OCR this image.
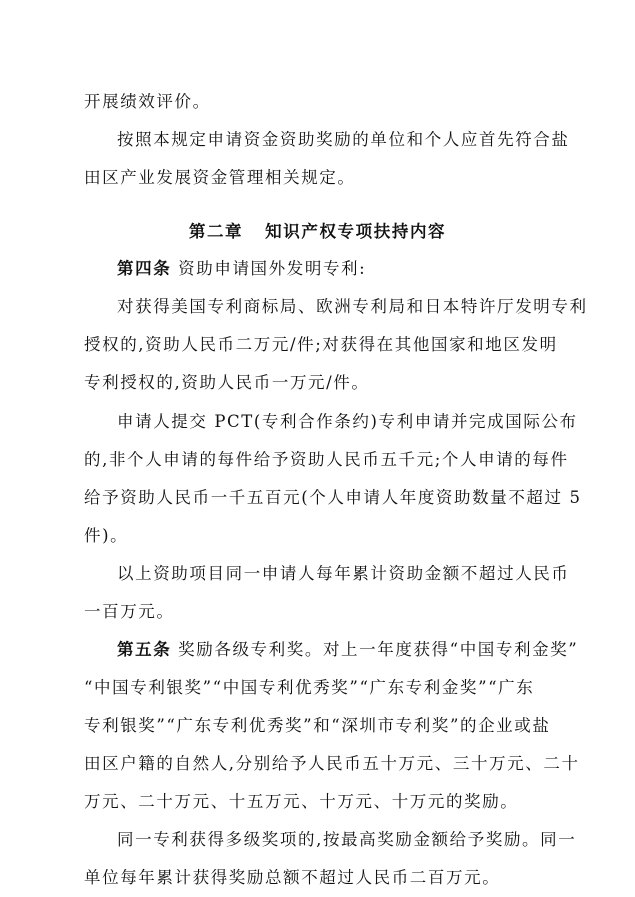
开展绩效评价。
按照本规定申请资金资助奖励的单位和个人应首先符合盐
田区产业发展资金管理相关规定。
第二章 知识产权专项扶持内容
第四条 资助申请国外发明专利:
对获得美国专利商标局、欧洲专利局和日本特许厅发明专利
授权的,资助人民币二万元/件;对获得在其他国家和地区发明
专利授权的,资助人民币一万元/件。
申请人提交 PCT(专利合作条约)专利申请并完成国际公布
的,非个人申请的每件给予资助人民币五千元;个人申请的每件
给予资助人民币一千五百元(个人申请人年度资助数量不超过 5
件)。
以上资助项目同一申请人每年累计资助金额不超过人民币
一百万元。
第五条 奖励各级专利奖。对上一年度获得“中国专利金奖”
“中国专利银奖”“中国专利优秀奖”“广东专利金奖”“广东
专利银奖”“广东专利优秀奖”和“深圳市专利奖”的企业或盐
田区户籍的自然人,分别给予人民币五十万元、三十万元、二十
万元、二十万元、十五万元、十万元、十万元的奖励。
同一专利获得多级奖项的,按最高奖励金额给予奖励。同一
单位每年累计获得奖励总额不超过人民币二百万元。
